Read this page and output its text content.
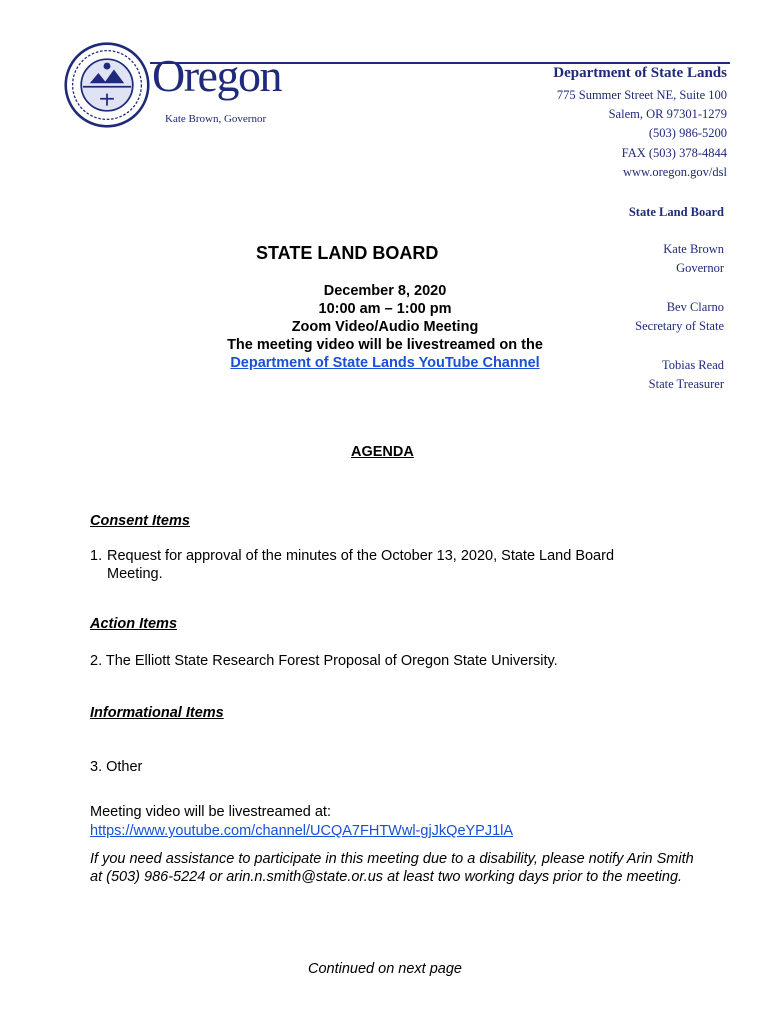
Oregon
Kate Brown, Governor
Department of State Lands
775 Summer Street NE, Suite 100
Salem, OR 97301-1279
(503) 986-5200
FAX (503) 378-4844
www.oregon.gov/dsl
State Land Board
Kate Brown
Governor
Bev Clarno
Secretary of State
Tobias Read
State Treasurer
STATE LAND BOARD
December 8, 2020
10:00 am – 1:00 pm
Zoom Video/Audio Meeting
The meeting video will be livestreamed on the
Department of State Lands YouTube Channel
AGENDA
Consent Items
1. Request for approval of the minutes of the October 13, 2020, State Land Board
Meeting.
Action Items
2. The Elliott State Research Forest Proposal of Oregon State University.
Informational Items
3. Other
Meeting video will be livestreamed at:
https://www.youtube.com/channel/UCQA7FHTWwl-gjJkQeYPJ1lA
If you need assistance to participate in this meeting due to a disability, please notify Arin Smith at (503) 986-5224 or arin.n.smith@state.or.us at least two working days prior to the meeting.
Continued on next page
